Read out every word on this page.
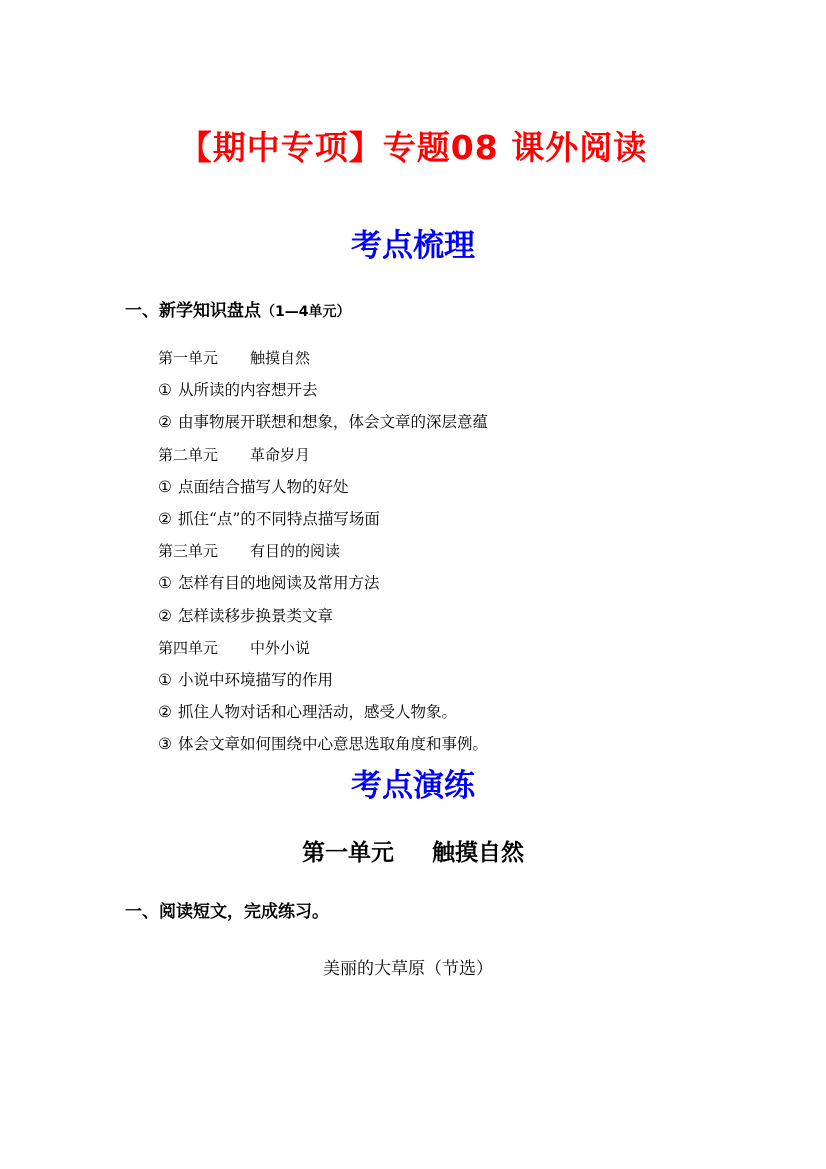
【期中专项】专题08 课外阅读
考点梳理
一、新学知识盘点（1—4单元）
第一单元 触摸自然
① 从所读的内容想开去
② 由事物展开联想和想象，体会文章的深层意蕴
第二单元 革命岁月
① 点面结合描写人物的好处
② 抓住“点”的不同特点描写场面
第三单元 有目的的阅读
① 怎样有目的地阅读及常用方法
② 怎样读移步换景类文章
第四单元 中外小说
① 小说中环境描写的作用
② 抓住人物对话和心理活动，感受人物象。
③ 体会文章如何围绕中心意思选取角度和事例。
考点演练
第一单元 触摸自然
一、阅读短文，完成练习。
美丽的大草原（节选）
